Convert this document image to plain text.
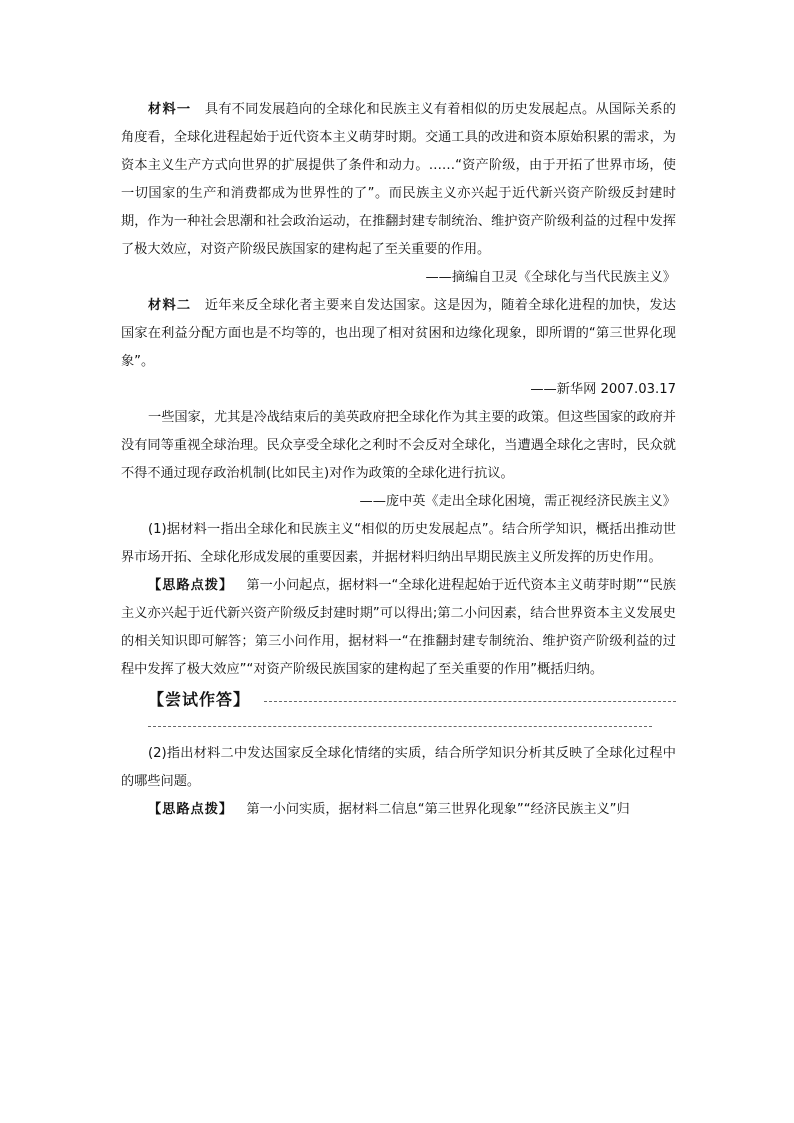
材料一  具有不同发展趋向的全球化和民族主义有着相似的历史发展起点。从国际关系的角度看，全球化进程起始于近代资本主义萌芽时期。交通工具的改进和资本原始积累的需求，为资本主义生产方式向世界的扩展提供了条件和动力。……“资产阶级，由于开拓了世界市场，使一切国家的生产和消费都成为世界性的了”。而民族主义亦兴起于近代新兴资产阶级反封建时期，作为一种社会思潮和社会政治运动，在推翻封建专制统治、维护资产阶级利益的过程中发挥了极大效应，对资产阶级民族国家的建构起了至关重要的作用。

——摘编自卫灵《全球化与当代民族主义》

材料二  近年来反全球化者主要来自发达国家。这是因为，随着全球化进程的加快，发达国家在利益分配方面也是不均等的，也出现了相对贫困和边缘化现象，即所谓的“第三世界化现象”。

——新华网 2007.03.17

一些国家，尤其是冷战结束后的美英政府把全球化作为其主要的政策。但这些国家的政府并没有同等重视全球治理。民众享受全球化之利时不会反对全球化，当遭遇全球化之害时，民众就不得不通过现存政治机制(比如民主)对作为政策的全球化进行抗议。

——庞中英《走出全球化困境，需正视经济民族主义》

(1)据材料一指出全球化和民族主义“相似的历史发展起点”。结合所学知识，概括出推动世界市场开拓、全球化形成发展的重要因素，并据材料归纳出早期民族主义所发挥的历史作用。

【思路点拨】  第一小问起点，据材料一“全球化进程起始于近代资本主义萌芽时期”“民族主义亦兴起于近代新兴资产阶级反封建时期”可以得出;第二小问因素，结合世界资本主义发展史的相关知识即可解答；第三小问作用，据材料一“在推翻封建专制统治、维护资产阶级利益的过程中发挥了极大效应”“对资产阶级民族国家的建构起了至关重要的作用”概括归纳。

【尝试作答】

(2)指出材料二中发达国家反全球化情绪的实质，结合所学知识分析其反映了全球化过程中的哪些问题。

【思路点拨】  第一小问实质，据材料二信息“第三世界化现象”“经济民族主义”归
